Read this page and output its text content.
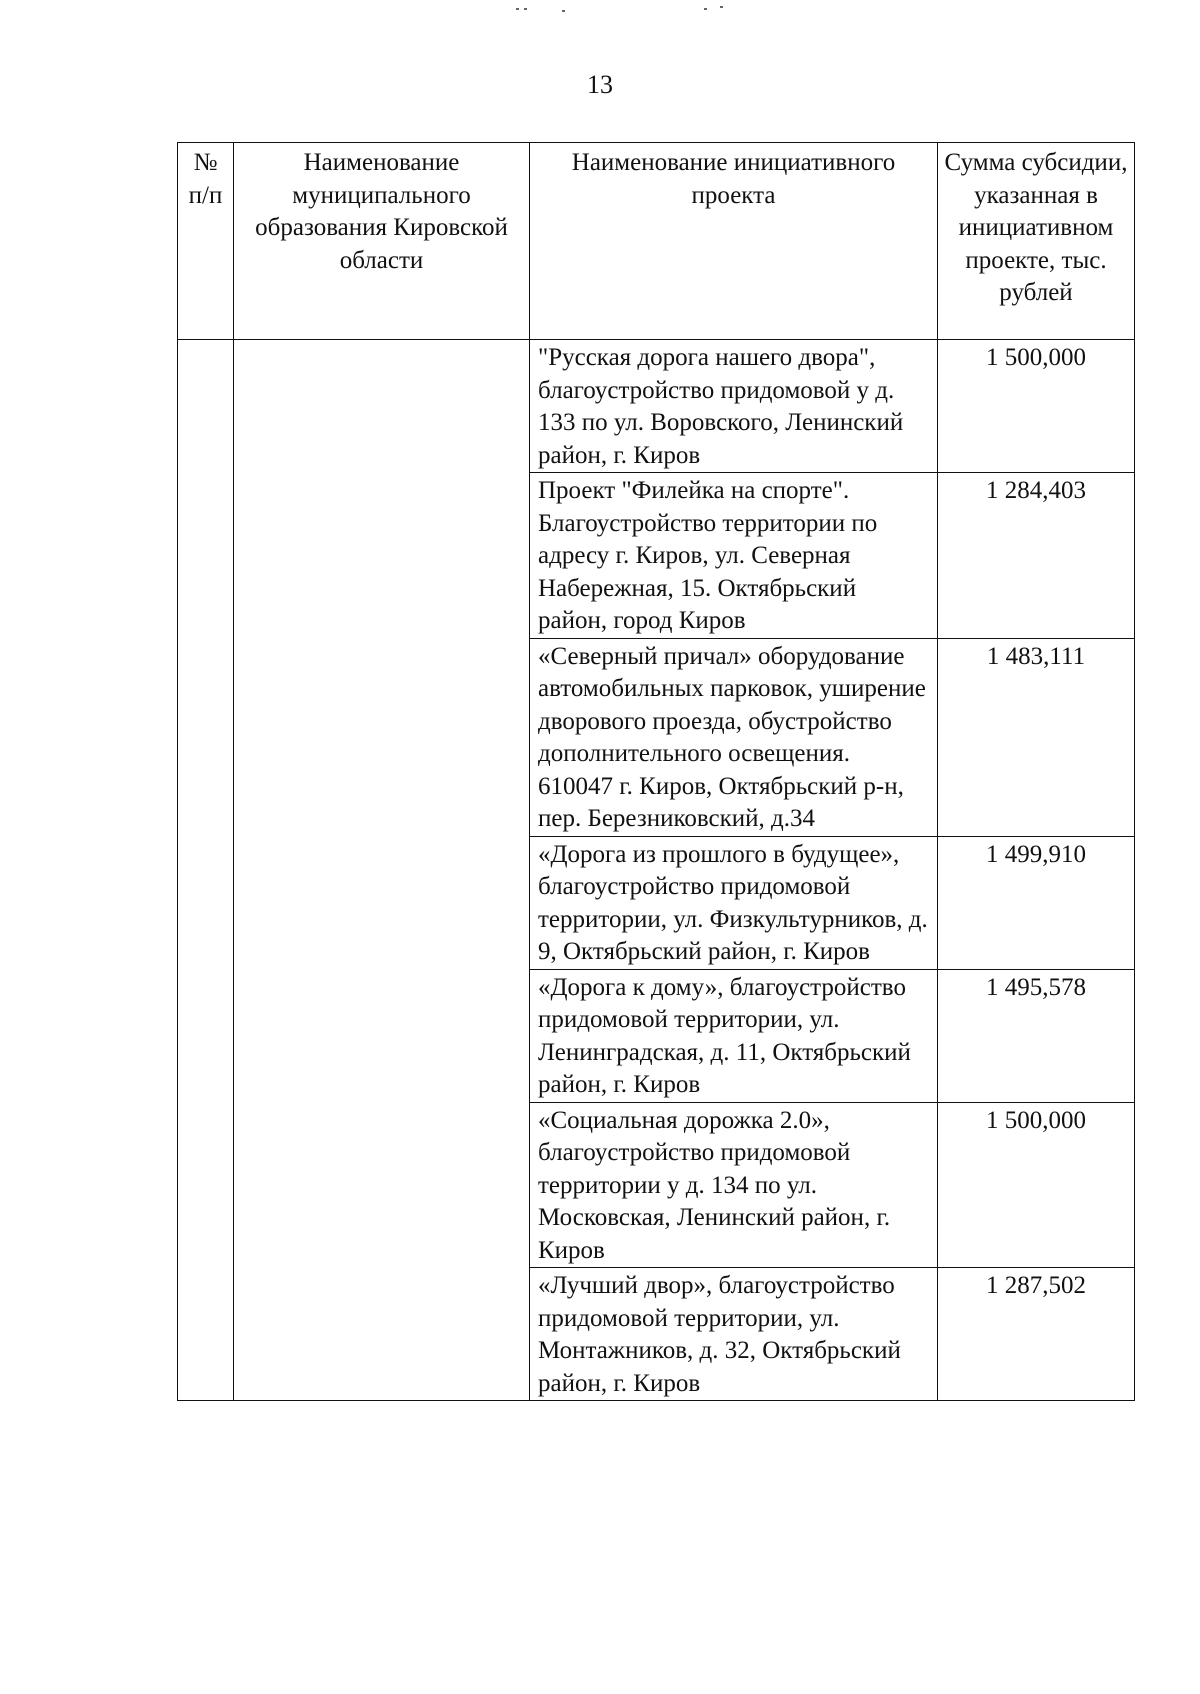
13
№ п/п	Наименование муниципального образования Кировской области	Наименование инициативного проекта	Сумма субсидии, указанная в инициативном проекте, тыс. рублей
		"Русская дорога нашего двора", благоустройство придомовой у д. 133 по ул. Воровского, Ленинский район, г. Киров	1 500,000
		Проект "Филейка на спорте". Благоустройство территории по адресу г. Киров, ул. Северная Набережная, 15. Октябрьский район, город Киров	1 284,403
		«Северный причал» оборудование автомобильных парковок, уширение дворового проезда, обустройство дополнительного освещения. 610047 г. Киров, Октябрьский р-н, пер. Березниковский, д.34	1 483,111
		«Дорога из прошлого в будущее», благоустройство придомовой территории, ул. Физкультурников, д. 9, Октябрьский район, г. Киров	1 499,910
		«Дорога к дому», благоустройство придомовой территории, ул. Ленинградская, д. 11, Октябрьский район, г. Киров	1 495,578
		«Социальная дорожка 2.0», благоустройство придомовой территории у д. 134 по ул. Московская, Ленинский район, г. Киров	1 500,000
		«Лучший двор», благоустройство придомовой территории, ул. Монтажников, д. 32, Октябрьский район, г. Киров	1 287,502
